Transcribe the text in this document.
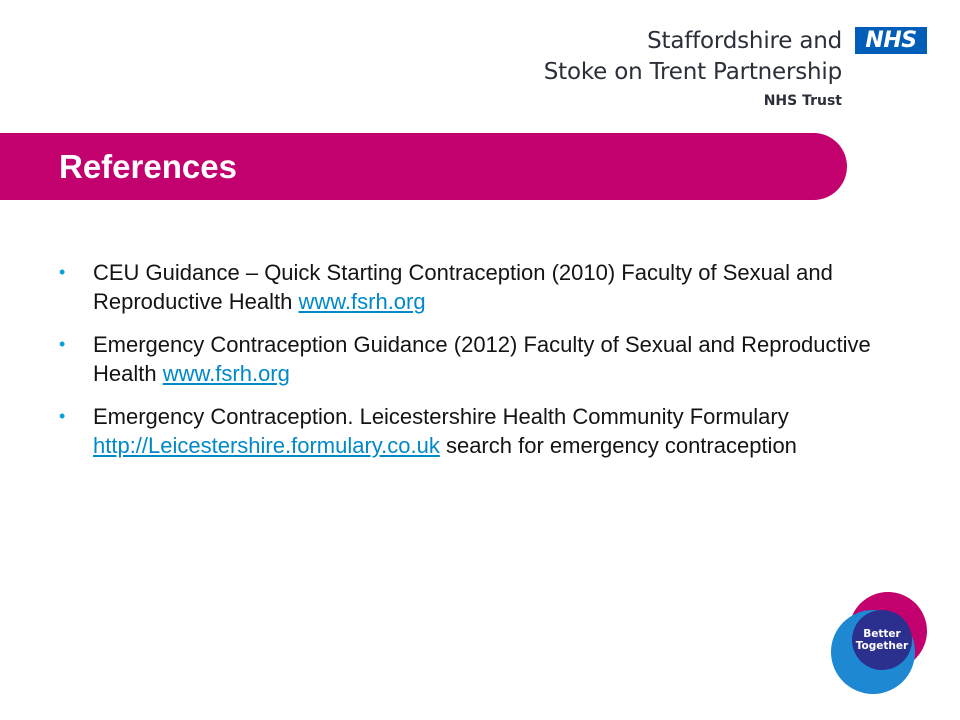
Staffordshire and
Stoke on Trent Partnership
NHS Trust
NHS
References
• CEU Guidance – Quick Starting Contraception (2010) Faculty of Sexual and Reproductive Health www.fsrh.org
• Emergency Contraception Guidance (2012) Faculty of Sexual and Reproductive Health www.fsrh.org
• Emergency Contraception. Leicestershire Health Community Formulary http://Leicestershire.formulary.co.uk search for emergency contraception
Better
Together
